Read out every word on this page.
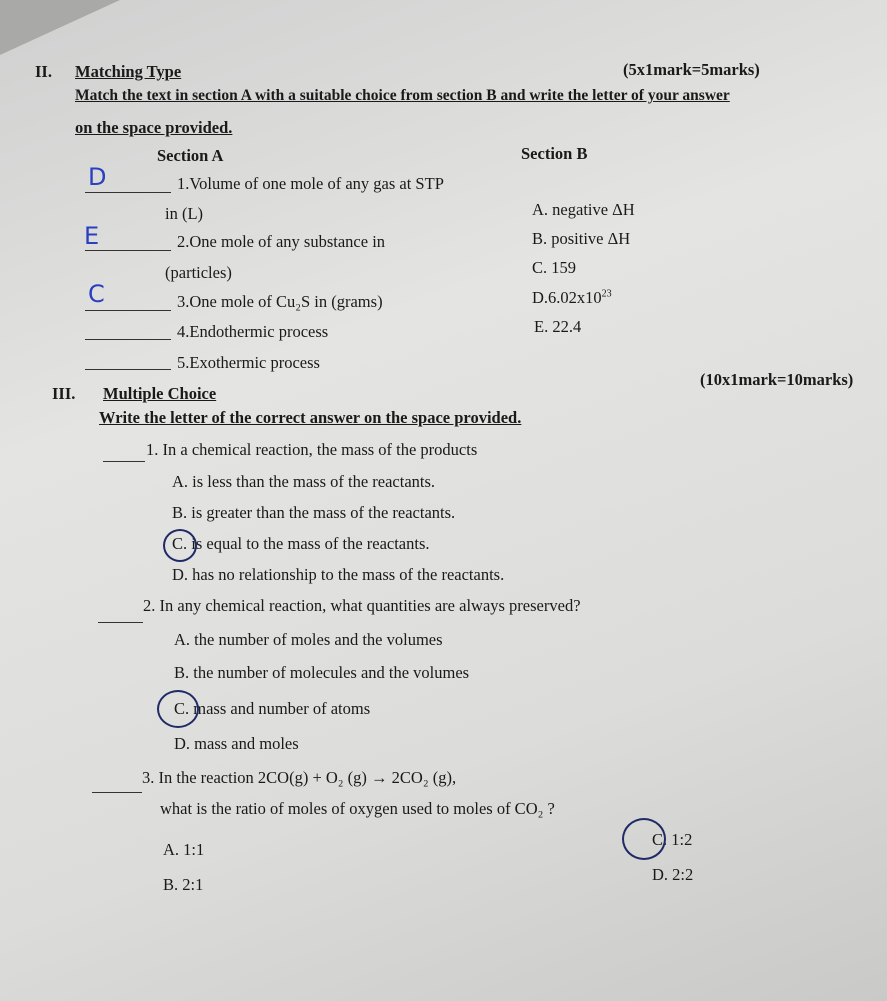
II. Matching Type	(5x1mark=5marks)
Match the text in section A with a suitable choice from section B and write the letter of your answer
on the space provided.
Section A	Section B
D	1.Volume of one mole of any gas at STP
in (L)
E	2.One mole of any substance in
(particles)
C	3.One mole of Cu₂S in (grams)
4.Endothermic process
5.Exothermic process
A. negative ΔH
B. positive ΔH
C. 159
$D.6.02x10^{23}$
E. 22.4
III. Multiple Choice
(10x1mark=10marks)
Write the letter of the correct answer on the space provided.
1. In a chemical reaction, the mass of the products
A. is less than the mass of the reactants.
B. is greater than the mass of the reactants.
C. is equal to the mass of the reactants.
D. has no relationship to the mass of the reactants.
2. In any chemical reaction, what quantities are always preserved?
A. the number of moles and the volumes
B. the number of molecules and the volumes
C. mass and number of atoms
D. mass and moles
3. In the reaction 2CO(g) + O₂ (g) → 2CO₂ (g),
what is the ratio of moles of oxygen used to moles of CO₂ ?
A. 1:1
B. 2:1
C. 1:2
D. 2:2
